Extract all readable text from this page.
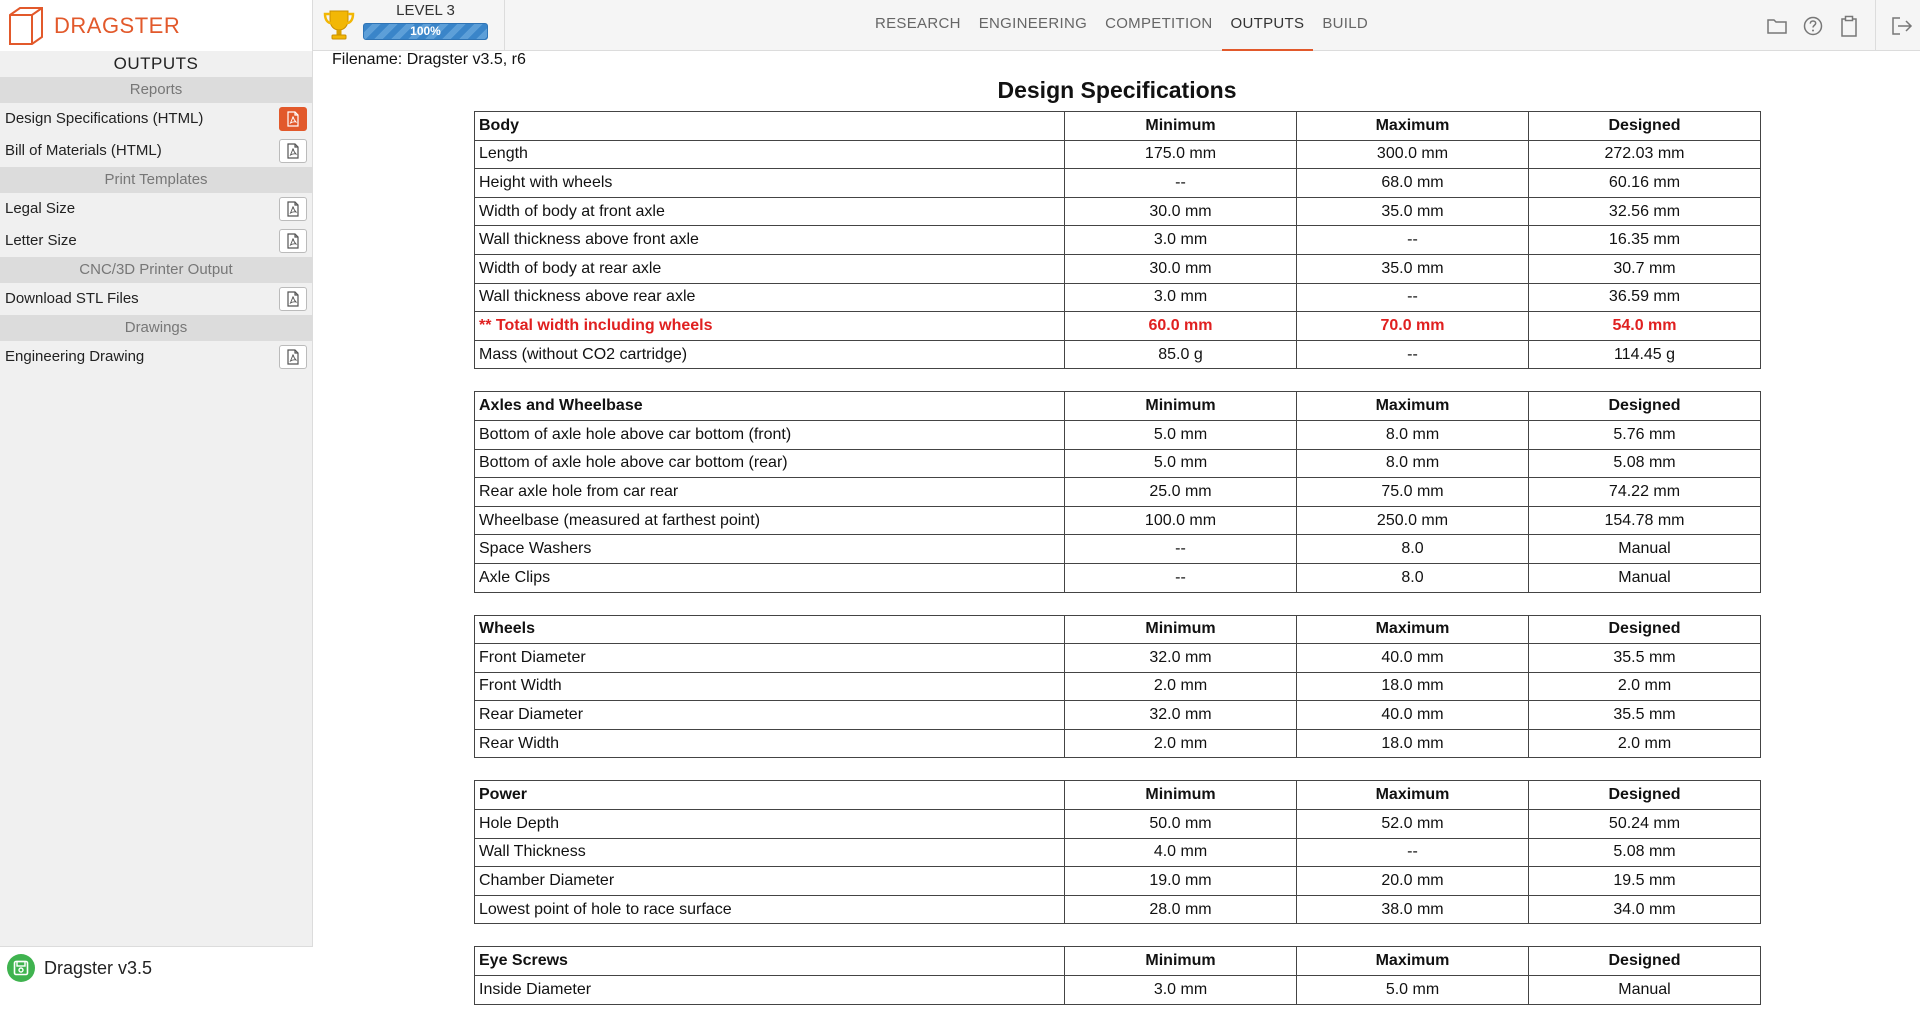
DRAGSTER
LEVEL 3
100%	RESEARCH	ENGINEERING	COMPETITION	OUTPUTS	BUILD
OUTPUTS
Reports
Design Specifications (HTML)
Bill of Materials (HTML)
Print Templates
Legal Size
Letter Size
CNC/3D Printer Output
Download STL Files
Drawings
Engineering Drawing
Dragster v3.5
Filename: Dragster v3.5, r6
Design Specifications
Body	Minimum	Maximum	Designed
Length	175.0 mm	300.0 mm	272.03 mm
Height with wheels	--	68.0 mm	60.16 mm
Width of body at front axle	30.0 mm	35.0 mm	32.56 mm
Wall thickness above front axle	3.0 mm	--	16.35 mm
Width of body at rear axle	30.0 mm	35.0 mm	30.7 mm
Wall thickness above rear axle	3.0 mm	--	36.59 mm
** Total width including wheels	60.0 mm	70.0 mm	54.0 mm
Mass (without CO2 cartridge)	85.0 g	--	114.45 g
Axles and Wheelbase	Minimum	Maximum	Designed
Bottom of axle hole above car bottom (front)	5.0 mm	8.0 mm	5.76 mm
Bottom of axle hole above car bottom (rear)	5.0 mm	8.0 mm	5.08 mm
Rear axle hole from car rear	25.0 mm	75.0 mm	74.22 mm
Wheelbase (measured at farthest point)	100.0 mm	250.0 mm	154.78 mm
Space Washers	--	8.0	Manual
Axle Clips	--	8.0	Manual
Wheels	Minimum	Maximum	Designed
Front Diameter	32.0 mm	40.0 mm	35.5 mm
Front Width	2.0 mm	18.0 mm	2.0 mm
Rear Diameter	32.0 mm	40.0 mm	35.5 mm
Rear Width	2.0 mm	18.0 mm	2.0 mm
Power	Minimum	Maximum	Designed
Hole Depth	50.0 mm	52.0 mm	50.24 mm
Wall Thickness	4.0 mm	--	5.08 mm
Chamber Diameter	19.0 mm	20.0 mm	19.5 mm
Lowest point of hole to race surface	28.0 mm	38.0 mm	34.0 mm
Eye Screws	Minimum	Maximum	Designed
Inside Diameter	3.0 mm	5.0 mm	Manual
